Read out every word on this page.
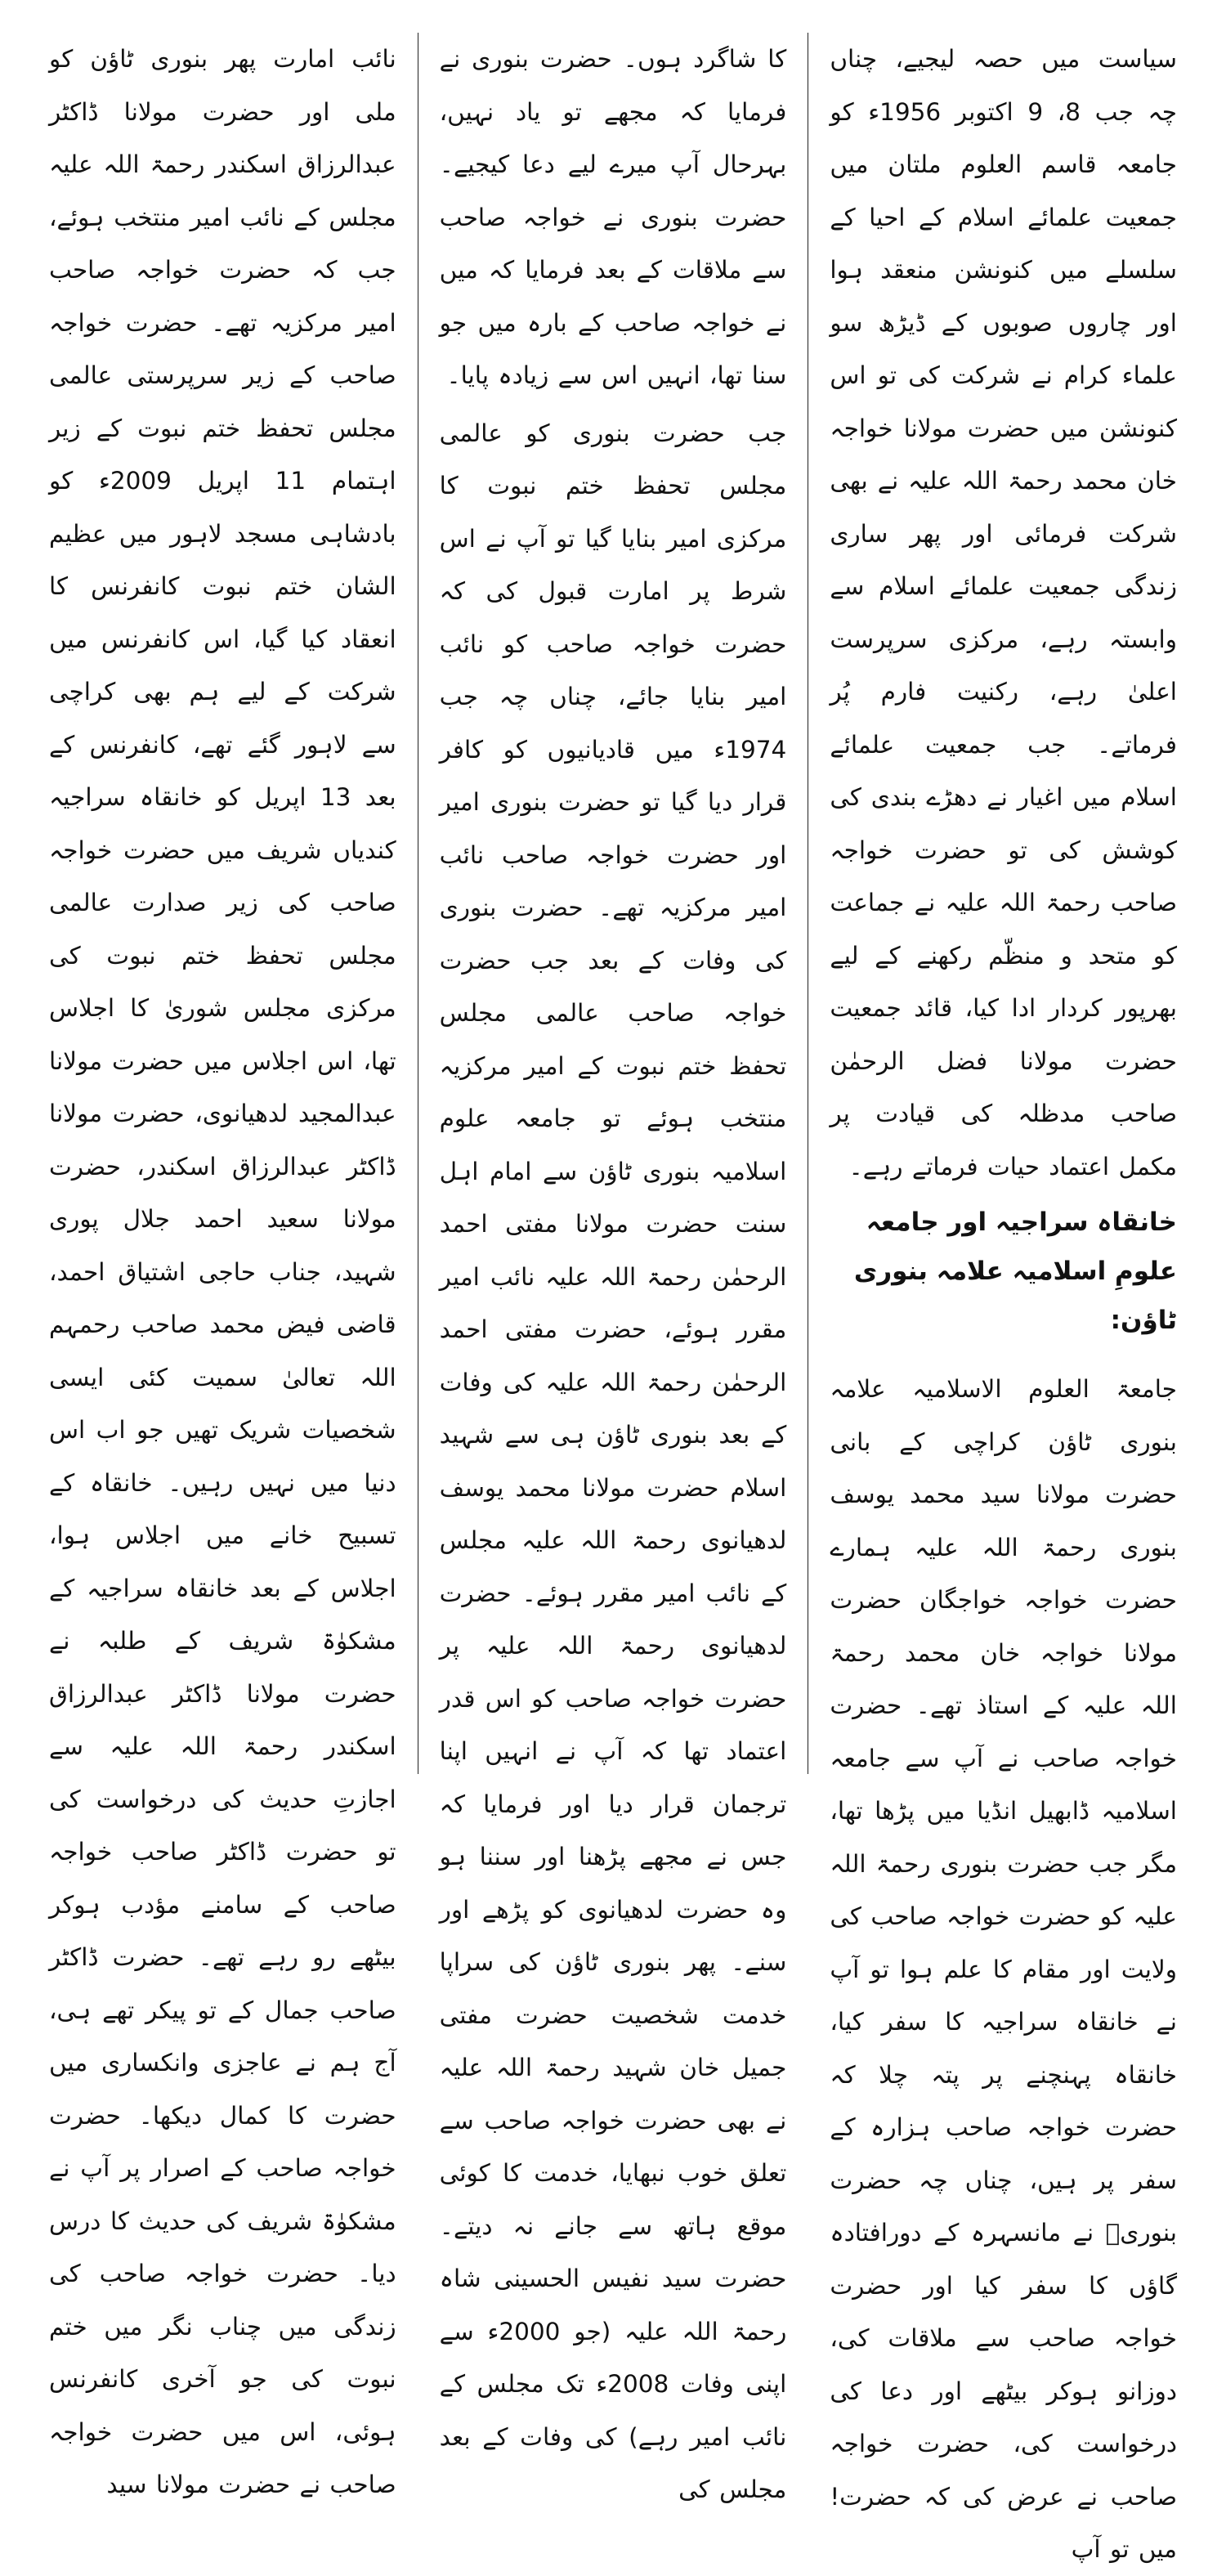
سیاست میں حصہ لیجیے، چناں چہ جب 8، 9 اکتوبر 1956ء کو جامعہ قاسم العلوم ملتان میں جمعیت علمائے اسلام کے احیا کے سلسلے میں کنونشن منعقد ہوا اور چاروں صوبوں کے ڈیڑھ سو علماء کرام نے شرکت کی تو اس کنونشن میں حضرت مولانا خواجہ خان محمد رحمۃ اللہ علیہ نے بھی شرکت فرمائی اور پھر ساری زندگی جمعیت علمائے اسلام سے وابستہ رہے، مرکزی سرپرست اعلیٰ رہے، رکنیت فارم پُر فرماتے۔ جب جمعیت علمائے اسلام میں اغیار نے دھڑے بندی کی کوشش کی تو حضرت خواجہ صاحب رحمۃ اللہ علیہ نے جماعت کو متحد و منظّم رکھنے کے لیے بھرپور کردار ادا کیا، قائد جمعیت حضرت مولانا فضل الرحمٰن صاحب مدظلہ کی قیادت پر مکمل اعتماد حیات فرماتے رہے۔

خانقاہ سراجیہ اور جامعہ علومِ اسلامیہ علامہ بنوری ٹاؤن:

جامعۃ العلوم الاسلامیہ علامہ بنوری ٹاؤن کراچی کے بانی حضرت مولانا سید محمد یوسف بنوری رحمۃ اللہ علیہ ہمارے حضرت خواجہ خواجگان حضرت مولانا خواجہ خان محمد رحمۃ اللہ علیہ کے استاذ تھے۔ حضرت خواجہ صاحب نے آپ سے جامعہ اسلامیہ ڈابھیل انڈیا میں پڑھا تھا، مگر جب حضرت بنوری رحمۃ اللہ علیہ کو حضرت خواجہ صاحب کی ولایت اور مقام کا علم ہوا تو آپ نے خانقاہ سراجیہ کا سفر کیا، خانقاہ پہنچنے پر پتہ چلا کہ حضرت خواجہ صاحب ہزارہ کے سفر پر ہیں، چناں چہ حضرت بنوریؒ نے مانسہرہ کے دورافتادہ گاؤں کا سفر کیا اور حضرت خواجہ صاحب سے ملاقات کی، دوزانو ہوکر بیٹھے اور دعا کی درخواست کی، حضرت خواجہ صاحب نے عرض کی کہ حضرت! میں تو آپ

کا شاگرد ہوں۔ حضرت بنوری نے فرمایا کہ مجھے تو یاد نہیں، بہرحال آپ میرے لیے دعا کیجیے۔ حضرت بنوری نے خواجہ صاحب سے ملاقات کے بعد فرمایا کہ میں نے خواجہ صاحب کے بارہ میں جو سنا تھا، انہیں اس سے زیادہ پایا۔

جب حضرت بنوری کو عالمی مجلس تحفظ ختم نبوت کا مرکزی امیر بنایا گیا تو آپ نے اس شرط پر امارت قبول کی کہ حضرت خواجہ صاحب کو نائب امیر بنایا جائے، چناں چہ جب 1974ء میں قادیانیوں کو کافر قرار دیا گیا تو حضرت بنوری امیر اور حضرت خواجہ صاحب نائب امیر مرکزیہ تھے۔ حضرت بنوری کی وفات کے بعد جب حضرت خواجہ صاحب عالمی مجلس تحفظ ختم نبوت کے امیر مرکزیہ منتخب ہوئے تو جامعہ علوم اسلامیہ بنوری ٹاؤن سے امام اہل سنت حضرت مولانا مفتی احمد الرحمٰن رحمۃ اللہ علیہ نائب امیر مقرر ہوئے، حضرت مفتی احمد الرحمٰن رحمۃ اللہ علیہ کی وفات کے بعد بنوری ٹاؤن ہی سے شہید اسلام حضرت مولانا محمد یوسف لدھیانوی رحمۃ اللہ علیہ مجلس کے نائب امیر مقرر ہوئے۔ حضرت لدھیانوی رحمۃ اللہ علیہ پر حضرت خواجہ صاحب کو اس قدر اعتماد تھا کہ آپ نے انہیں اپنا ترجمان قرار دیا اور فرمایا کہ جس نے مجھے پڑھنا اور سننا ہو وہ حضرت لدھیانوی کو پڑھے اور سنے۔ پھر بنوری ٹاؤن کی سراپا خدمت شخصیت حضرت مفتی جمیل خان شہید رحمۃ اللہ علیہ نے بھی حضرت خواجہ صاحب سے تعلق خوب نبھایا، خدمت کا کوئی موقع ہاتھ سے جانے نہ دیتے۔ حضرت سید نفیس الحسینی شاہ رحمۃ اللہ علیہ (جو 2000ء سے اپنی وفات 2008ء تک مجلس کے نائب امیر رہے) کی وفات کے بعد مجلس کی

نائب امارت پھر بنوری ٹاؤن کو ملی اور حضرت مولانا ڈاکٹر عبدالرزاق اسکندر رحمۃ اللہ علیہ مجلس کے نائب امیر منتخب ہوئے، جب کہ حضرت خواجہ صاحب امیر مرکزیہ تھے۔ حضرت خواجہ صاحب کے زیر سرپرستی عالمی مجلس تحفظ ختم نبوت کے زیر اہتمام 11 اپریل 2009ء کو بادشاہی مسجد لاہور میں عظیم الشان ختم نبوت کانفرنس کا انعقاد کیا گیا، اس کانفرنس میں شرکت کے لیے ہم بھی کراچی سے لاہور گئے تھے، کانفرنس کے بعد 13 اپریل کو خانقاہ سراجیہ کندیاں شریف میں حضرت خواجہ صاحب کی زیر صدارت عالمی مجلس تحفظ ختم نبوت کی مرکزی مجلس شوریٰ کا اجلاس تھا، اس اجلاس میں حضرت مولانا عبدالمجید لدھیانوی، حضرت مولانا ڈاکٹر عبدالرزاق اسکندر، حضرت مولانا سعید احمد جلال پوری شہید، جناب حاجی اشتیاق احمد، قاضی فیض محمد صاحب رحمہم اللہ تعالیٰ سمیت کئی ایسی شخصیات شریک تھیں جو اب اس دنیا میں نہیں رہیں۔ خانقاہ کے تسبیح خانے میں اجلاس ہوا، اجلاس کے بعد خانقاہ سراجیہ کے مشکوٰۃ شریف کے طلبہ نے حضرت مولانا ڈاکٹر عبدالرزاق اسکندر رحمۃ اللہ علیہ سے اجازتِ حدیث کی درخواست کی تو حضرت ڈاکٹر صاحب خواجہ صاحب کے سامنے مؤدب ہوکر بیٹھے رو رہے تھے۔ حضرت ڈاکٹر صاحب جمال کے تو پیکر تھے ہی، آج ہم نے عاجزی وانکساری میں حضرت کا کمال دیکھا۔ حضرت خواجہ صاحب کے اصرار پر آپ نے مشکوٰۃ شریف کی حدیث کا درس دیا۔ حضرت خواجہ صاحب کی زندگی میں چناب نگر میں ختم نبوت کی جو آخری کانفرنس ہوئی، اس میں حضرت خواجہ صاحب نے حضرت مولانا سید
